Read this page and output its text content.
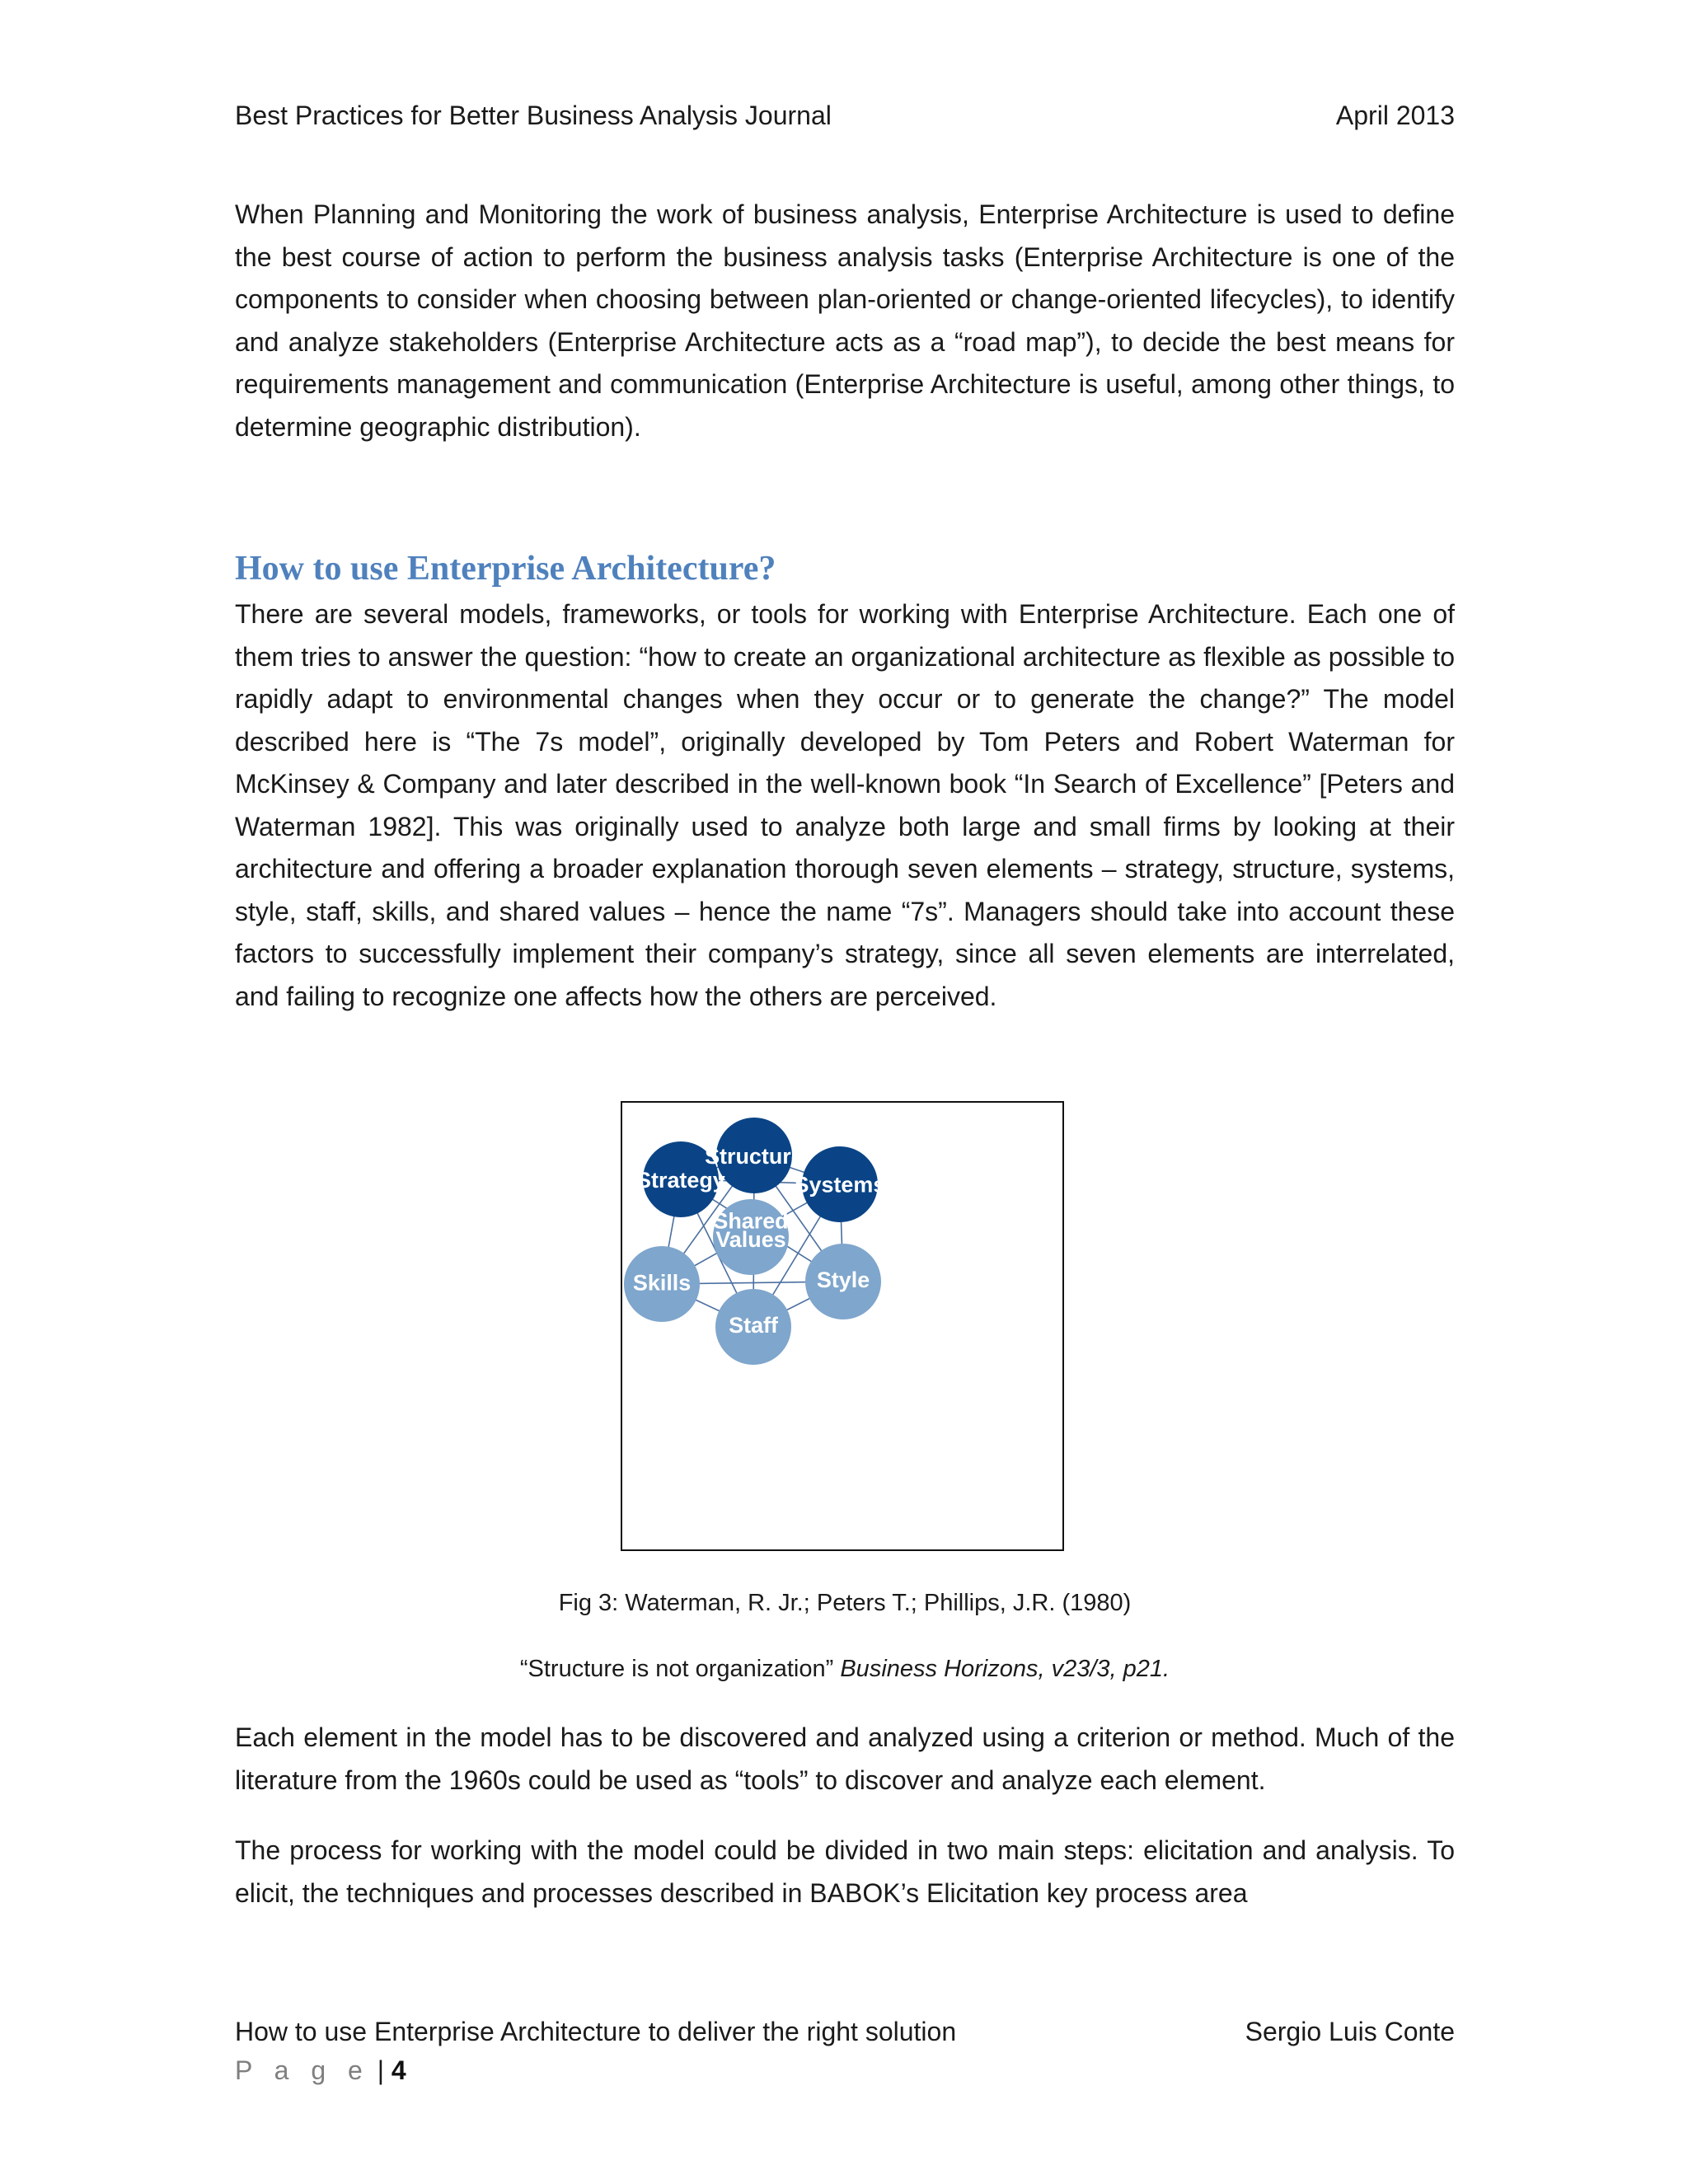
Best Practices for Better Business Analysis Journal	April 2013

When Planning and Monitoring the work of business analysis, Enterprise Architecture is used to define the best course of action to perform the business analysis tasks (Enterprise Architecture is one of the components to consider when choosing between plan-oriented or change-oriented lifecycles), to identify and analyze stakeholders (Enterprise Architecture acts as a “road map”), to decide the best means for requirements management and communication (Enterprise Architecture is useful, among other things, to determine geographic distribution).

How to use Enterprise Architecture?

There are several models, frameworks, or tools for working with Enterprise Architecture. Each one of them tries to answer the question: “how to create an organizational architecture as flexible as possible to rapidly adapt to environmental changes when they occur or to generate the change?” The model described here is “The 7s model”, originally developed by Tom Peters and Robert Waterman for McKinsey & Company and later described in the well-known book “In Search of Excellence” [Peters and Waterman 1982]. This was originally used to analyze both large and small firms by looking at their architecture and offering a broader explanation thorough seven elements – strategy, structure, systems, style, staff, skills, and shared values – hence the name “7s”. Managers should take into account these factors to successfully implement their company’s strategy, since all seven elements are interrelated, and failing to recognize one affects how the others are perceived.

Structure
Strategy	Systems
Shared
Values
Skills	Style
Staff

Fig 3: Waterman, R. Jr.; Peters T.; Phillips, J.R. (1980)

“Structure is not organization” Business Horizons, v23/3, p21.

Each element in the model has to be discovered and analyzed using a criterion or method. Much of the literature from the 1960s could be used as “tools” to discover and analyze each element.

The process for working with the model could be divided in two main steps: elicitation and analysis. To elicit, the techniques and processes described in BABOK’s Elicitation key process area

How to use Enterprise Architecture to deliver the right solution	Sergio Luis Conte
P a g e | 4
